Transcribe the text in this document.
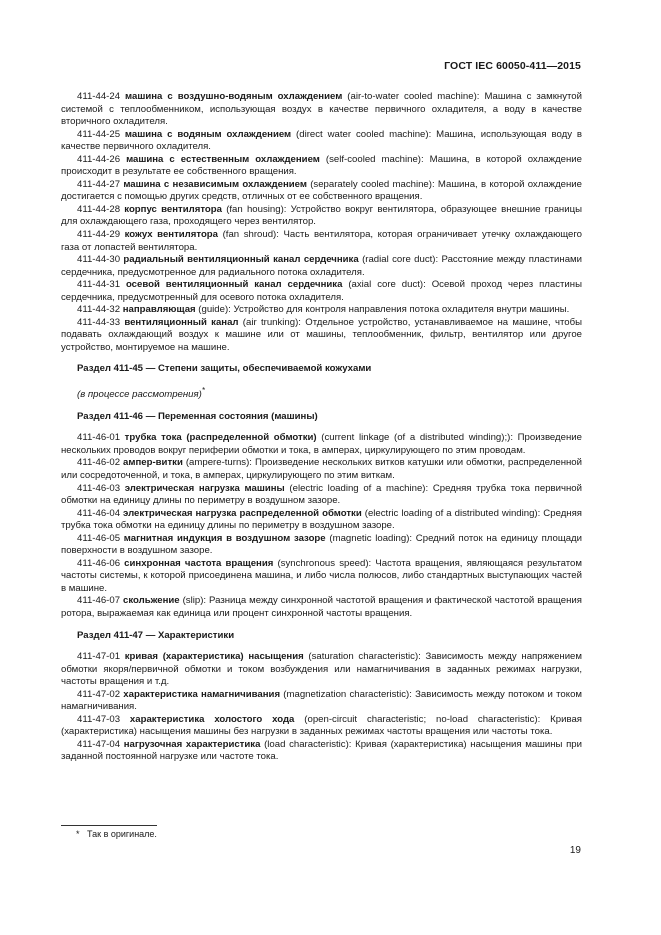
ГОСТ IEC 60050-411—2015

411-44-24 машина с воздушно-водяным охлаждением (air-to-water cooled machine): Машина с замкнутой системой с теплообменником, использующая воздух в качестве первичного охладителя, а воду в качестве вторичного охладителя.

411-44-25 машина с водяным охлаждением (direct water cooled machine): Машина, использующая воду в качестве первичного охладителя.

411-44-26 машина с естественным охлаждением (self-cooled machine): Машина, в которой охлаждение происходит в результате ее собственного вращения.

411-44-27 машина с независимым охлаждением (separately cooled machine): Машина, в которой охлаждение достигается с помощью других средств, отличных от ее собственного вращения.

411-44-28 корпус вентилятора (fan housing): Устройство вокруг вентилятора, образующее внешние границы для охлаждающего газа, проходящего через вентилятор.

411-44-29 кожух вентилятора (fan shroud): Часть вентилятора, которая ограничивает утечку охлаждающего газа от лопастей вентилятора.

411-44-30 радиальный вентиляционный канал сердечника (radial core duct): Расстояние между пластинами сердечника, предусмотренное для радиального потока охладителя.

411-44-31 осевой вентиляционный канал сердечника (axial core duct): Осевой проход через пластины сердечника, предусмотренный для осевого потока охладителя.

411-44-32 направляющая (guide): Устройство для контроля направления потока охладителя внутри машины.

411-44-33 вентиляционный канал (air trunking): Отдельное устройство, устанавливаемое на машине, чтобы подавать охлаждающий воздух к машине или от машины, теплообменник, фильтр, вентилятор или другое устройство, монтируемое на машине.

Раздел 411-45 — Степени защиты, обеспечиваемой кожухами

(в процессе рассмотрения)*

Раздел 411-46 — Переменная состояния (машины)

411-46-01 трубка тока (распределенной обмотки) (current linkage (of a distributed winding);): Произведение нескольких проводов вокруг периферии обмотки и тока, в амперах, циркулирующего по этим проводам.

411-46-02 ампер-витки (ampere-turns): Произведение нескольких витков катушки или обмотки, распределенной или сосредоточенной, и тока, в амперах, циркулирующего по этим виткам.

411-46-03 электрическая нагрузка машины (electric loading of a machine): Средняя трубка тока первичной обмотки на единицу длины по периметру в воздушном зазоре.

411-46-04 электрическая нагрузка распределенной обмотки (electric loading of a distributed winding): Средняя трубка тока обмотки на единицу длины по периметру в воздушном зазоре.

411-46-05 магнитная индукция в воздушном зазоре (magnetic loading): Средний поток на единицу площади поверхности в воздушном зазоре.

411-46-06 синхронная частота вращения (synchronous speed): Частота вращения, являющаяся результатом частоты системы, к которой присоединена машина, и либо числа полюсов, либо стандартных выступающих частей в машине.

411-46-07 скольжение (slip): Разница между синхронной частотой вращения и фактической частотой вращения ротора, выражаемая как единица или процент синхронной частоты вращения.

Раздел 411-47 — Характеристики

411-47-01 кривая (характеристика) насыщения (saturation characteristic): Зависимость между напряжением обмотки якоря/первичной обмотки и током возбуждения или намагничивания в заданных режимах нагрузки, частоты вращения и т.д.

411-47-02 характеристика намагничивания (magnetization characteristic): Зависимость между потоком и током намагничивания.

411-47-03 характеристика холостого хода (open-circuit characteristic; no-load characteristic): Кривая (характеристика) насыщения машины без нагрузки в заданных режимах частоты вращения или частоты тока.

411-47-04 нагрузочная характеристика (load characteristic): Кривая (характеристика) насыщения машины при заданной постоянной нагрузке или частоте тока.

* Так в оригинале.
19
